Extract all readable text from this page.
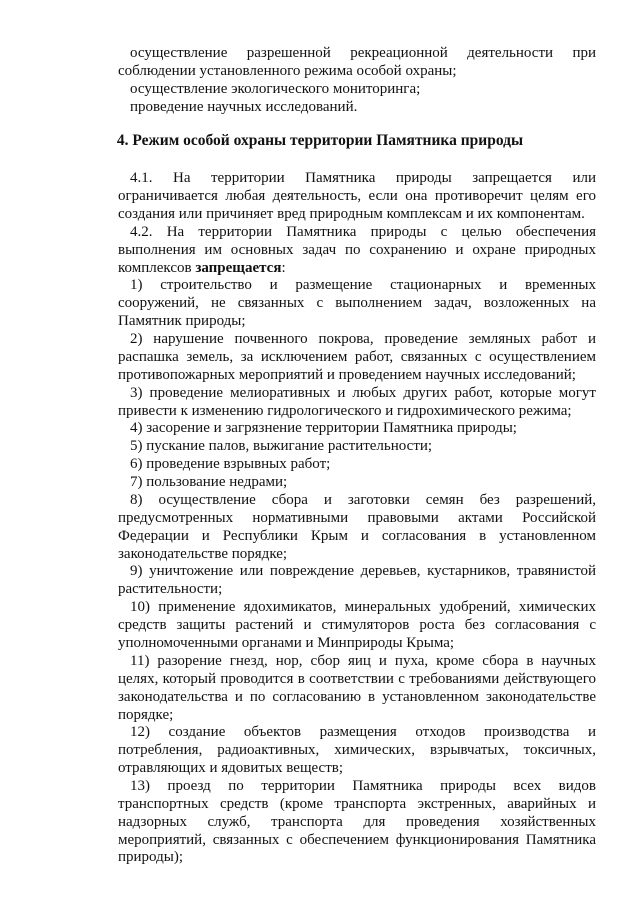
осуществление разрешенной рекреационной деятельности при

соблюдении установленного режима особой охраны;

осуществление экологического мониторинга;

проведение научных исследований.

4. Режим особой охраны территории Памятника природы

4.1. На территории Памятника природы запрещается или

ограничивается любая деятельность, если она противоречит целям его создания или причиняет вред природным комплексам и их компонентам.

4.2. На территории Памятника природы с целью обеспечения

выполнения им основных задач по сохранению и охране природных комплексов запрещается:

1) строительство и размещение стационарных и временных

сооружений, не связанных с выполнением задач, возложенных на Памятник природы;

2) нарушение почвенного покрова, проведение земляных работ и

распашка земель, за исключением работ, связанных с осуществлением противопожарных мероприятий и проведением научных исследований;

3) проведение мелиоративных и любых других работ, которые могут

привести к изменению гидрологического и гидрохимического режима;

4) засорение и загрязнение территории Памятника природы;

5) пускание палов, выжигание растительности;

6) проведение взрывных работ;

7) пользование недрами;

8) осуществление сбора и заготовки семян без разрешений,

предусмотренных нормативными правовыми актами Российской Федерации и Республики Крым и согласования в установленном законодательстве порядке;

9) уничтожение или повреждение деревьев, кустарников, травянистой

растительности;

10) применение ядохимикатов, минеральных удобрений, химических

средств защиты растений и стимуляторов роста без согласования с уполномоченными органами и Минприроды Крыма;

11) разорение гнезд, нор, сбор яиц и пуха, кроме сбора в научных

целях, который проводится в соответствии с требованиями действующего законодательства и по согласованию в установленном законодательстве порядке;

12) создание объектов размещения отходов производства и

потребления, радиоактивных, химических, взрывчатых, токсичных, отравляющих и ядовитых веществ;

13) проезд по территории Памятника природы всех видов

транспортных средств (кроме транспорта экстренных, аварийных и надзорных служб, транспорта для проведения хозяйственных мероприятий, связанных с обеспечением функционирования Памятника природы);
